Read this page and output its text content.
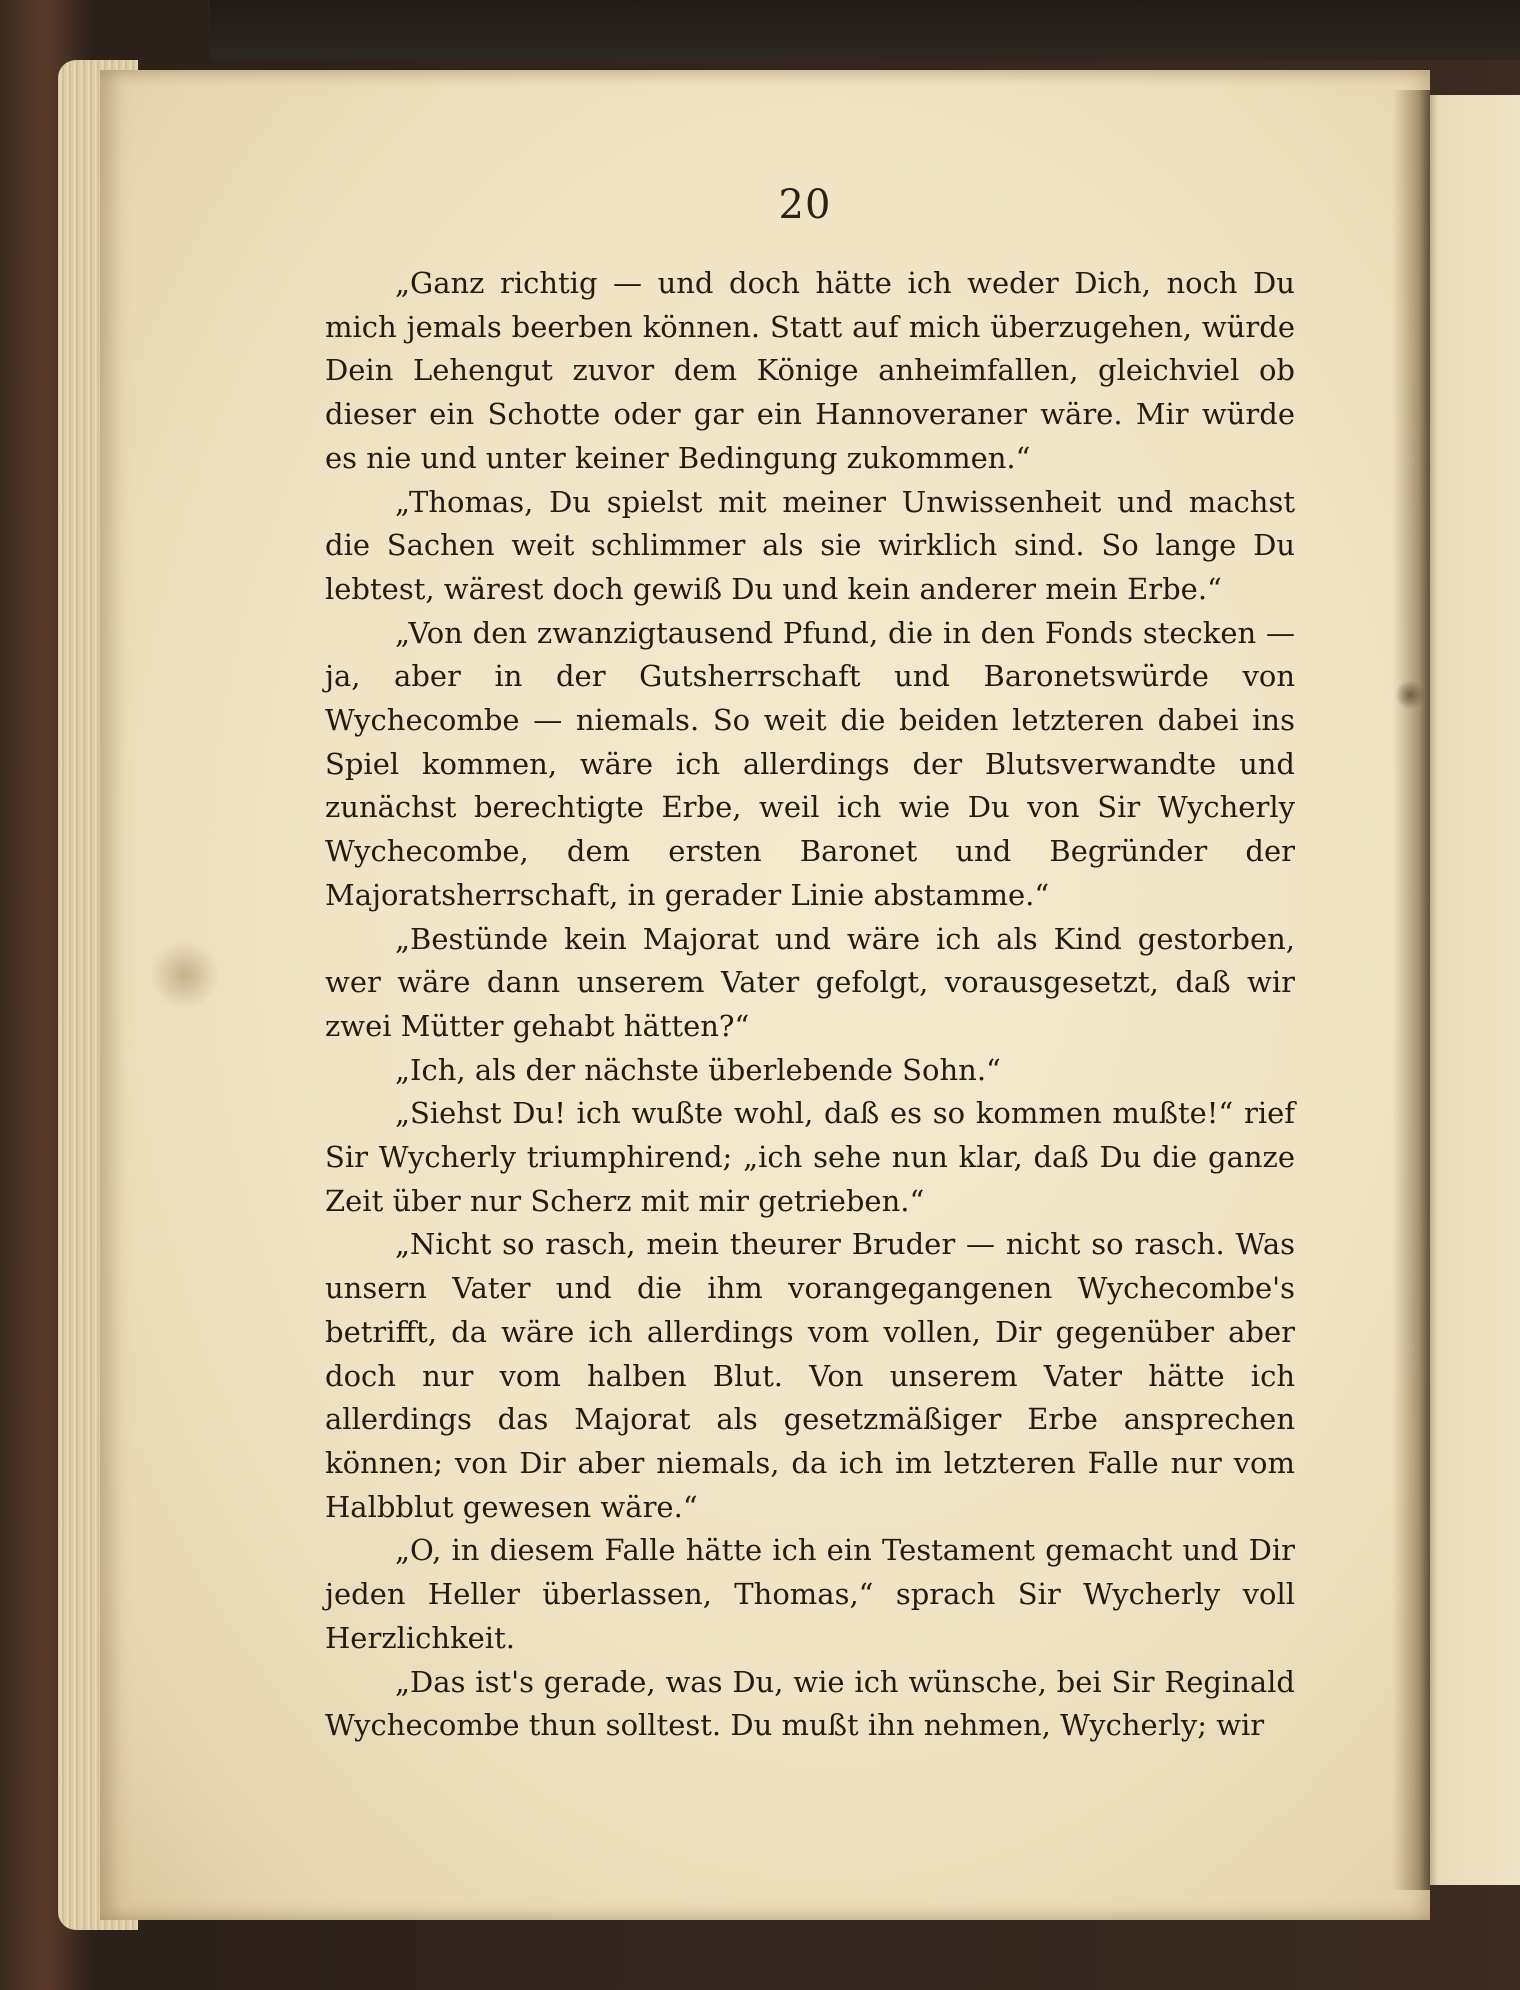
20

„Ganz richtig — und doch hätte ich weder Dich, noch Du mich jemals beerben können. Statt auf mich überzugehen, würde Dein Lehengut zuvor dem Könige anheimfallen, gleichviel ob dieser ein Schotte oder gar ein Hannoveraner wäre. Mir würde es nie und unter keiner Bedingung zukommen.“

„Thomas, Du spielst mit meiner Unwissenheit und machst die Sachen weit schlimmer als sie wirklich sind. So lange Du lebtest, wärest doch gewiß Du und kein anderer mein Erbe.“

„Von den zwanzigtausend Pfund, die in den Fonds stecken — ja, aber in der Gutsherrschaft und Baronetswürde von Wychecombe — niemals. So weit die beiden letzteren dabei ins Spiel kommen, wäre ich allerdings der Blutsverwandte und zunächst berechtigte Erbe, weil ich wie Du von Sir Wycherly Wychecombe, dem ersten Baronet und Begründer der Majoratsherrschaft, in gerader Linie abstamme.“

„Bestünde kein Majorat und wäre ich als Kind gestorben, wer wäre dann unserem Vater gefolgt, vorausgesetzt, daß wir zwei Mütter gehabt hätten?“

„Ich, als der nächste überlebende Sohn.“

„Siehst Du! ich wußte wohl, daß es so kommen mußte!“ rief Sir Wycherly triumphirend; „ich sehe nun klar, daß Du die ganze Zeit über nur Scherz mit mir getrieben.“

„Nicht so rasch, mein theurer Bruder — nicht so rasch. Was unsern Vater und die ihm vorangegangenen Wychecombe's betrifft, da wäre ich allerdings vom vollen, Dir gegenüber aber doch nur vom halben Blut. Von unserem Vater hätte ich allerdings das Majorat als gesetzmäßiger Erbe ansprechen können; von Dir aber niemals, da ich im letzteren Falle nur vom Halbblut gewesen wäre.“

„O, in diesem Falle hätte ich ein Testament gemacht und Dir jeden Heller überlassen, Thomas,“ sprach Sir Wycherly voll Herzlichkeit.

„Das ist's gerade, was Du, wie ich wünsche, bei Sir Reginald Wychecombe thun solltest. Du mußt ihn nehmen, Wycherly; wir
